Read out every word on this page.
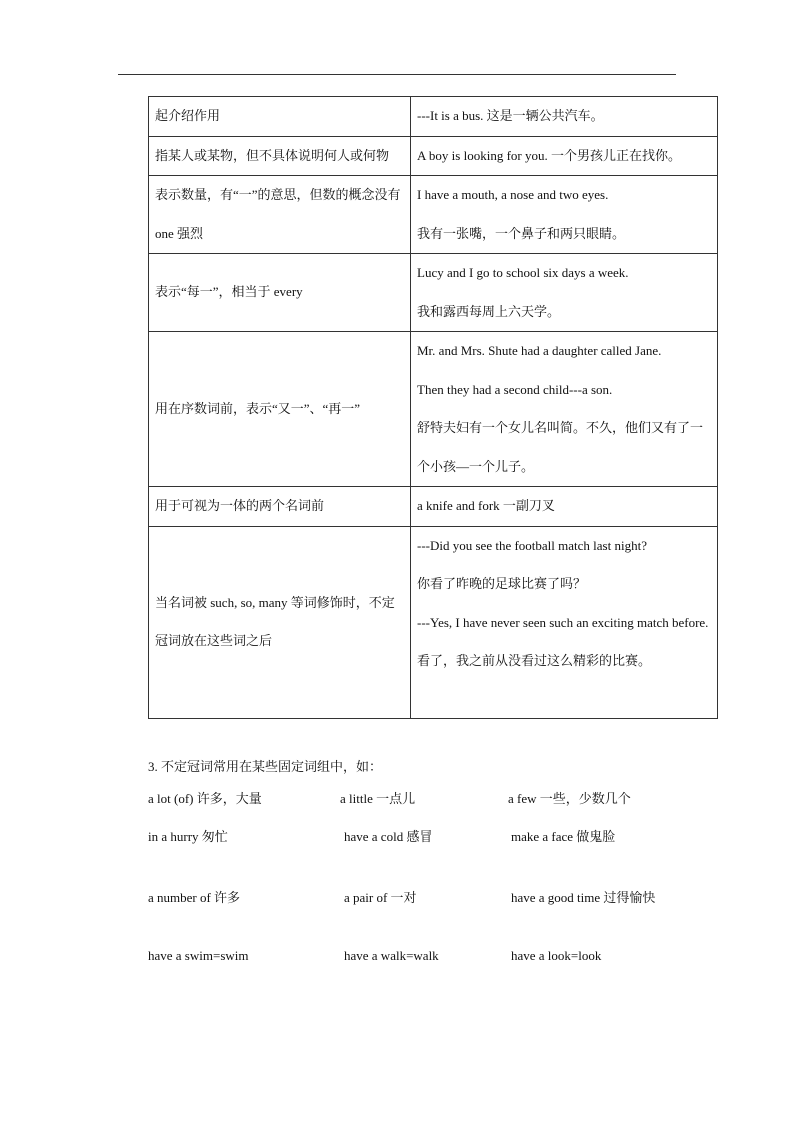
起介绍作用	---It is a bus. 这是一辆公共汽车。

指某人或某物，但不具体说明何人或何物	A boy is looking for you. 一个男孩儿正在找你。

表示数量，有“一”的意思，但数的概念没有 one 强烈	I have a mouth, a nose and two eyes.
我有一张嘴，一个鼻子和两只眼睛。

表示“每一”，相当于 every	Lucy and I go to school six days a week.
我和露西每周上六天学。

用在序数词前，表示“又一”、“再一”	Mr. and Mrs. Shute had a daughter called Jane.
Then they had a second child---a son.
舒特夫妇有一个女儿名叫简。不久，他们又有了一个小孩—一个儿子。

用于可视为一体的两个名词前	a knife and fork 一副刀叉

当名词被 such, so, many 等词修饰时，不定冠词放在这些词之后	---Did you see the football match last night?
你看了昨晚的足球比赛了吗？
---Yes, I have never seen such an exciting match before.
看了，我之前从没看过这么精彩的比赛。
3. 不定冠词常用在某些固定词组中，如：
a lot (of) 许多，大量	a little 一点儿	a few 一些，少数几个
in a hurry 匆忙	have a cold 感冒	make a face 做鬼脸
a number of 许多	a pair of 一对	have a good time 过得愉快
have a swim=swim	have a walk=walk	have a look=look
